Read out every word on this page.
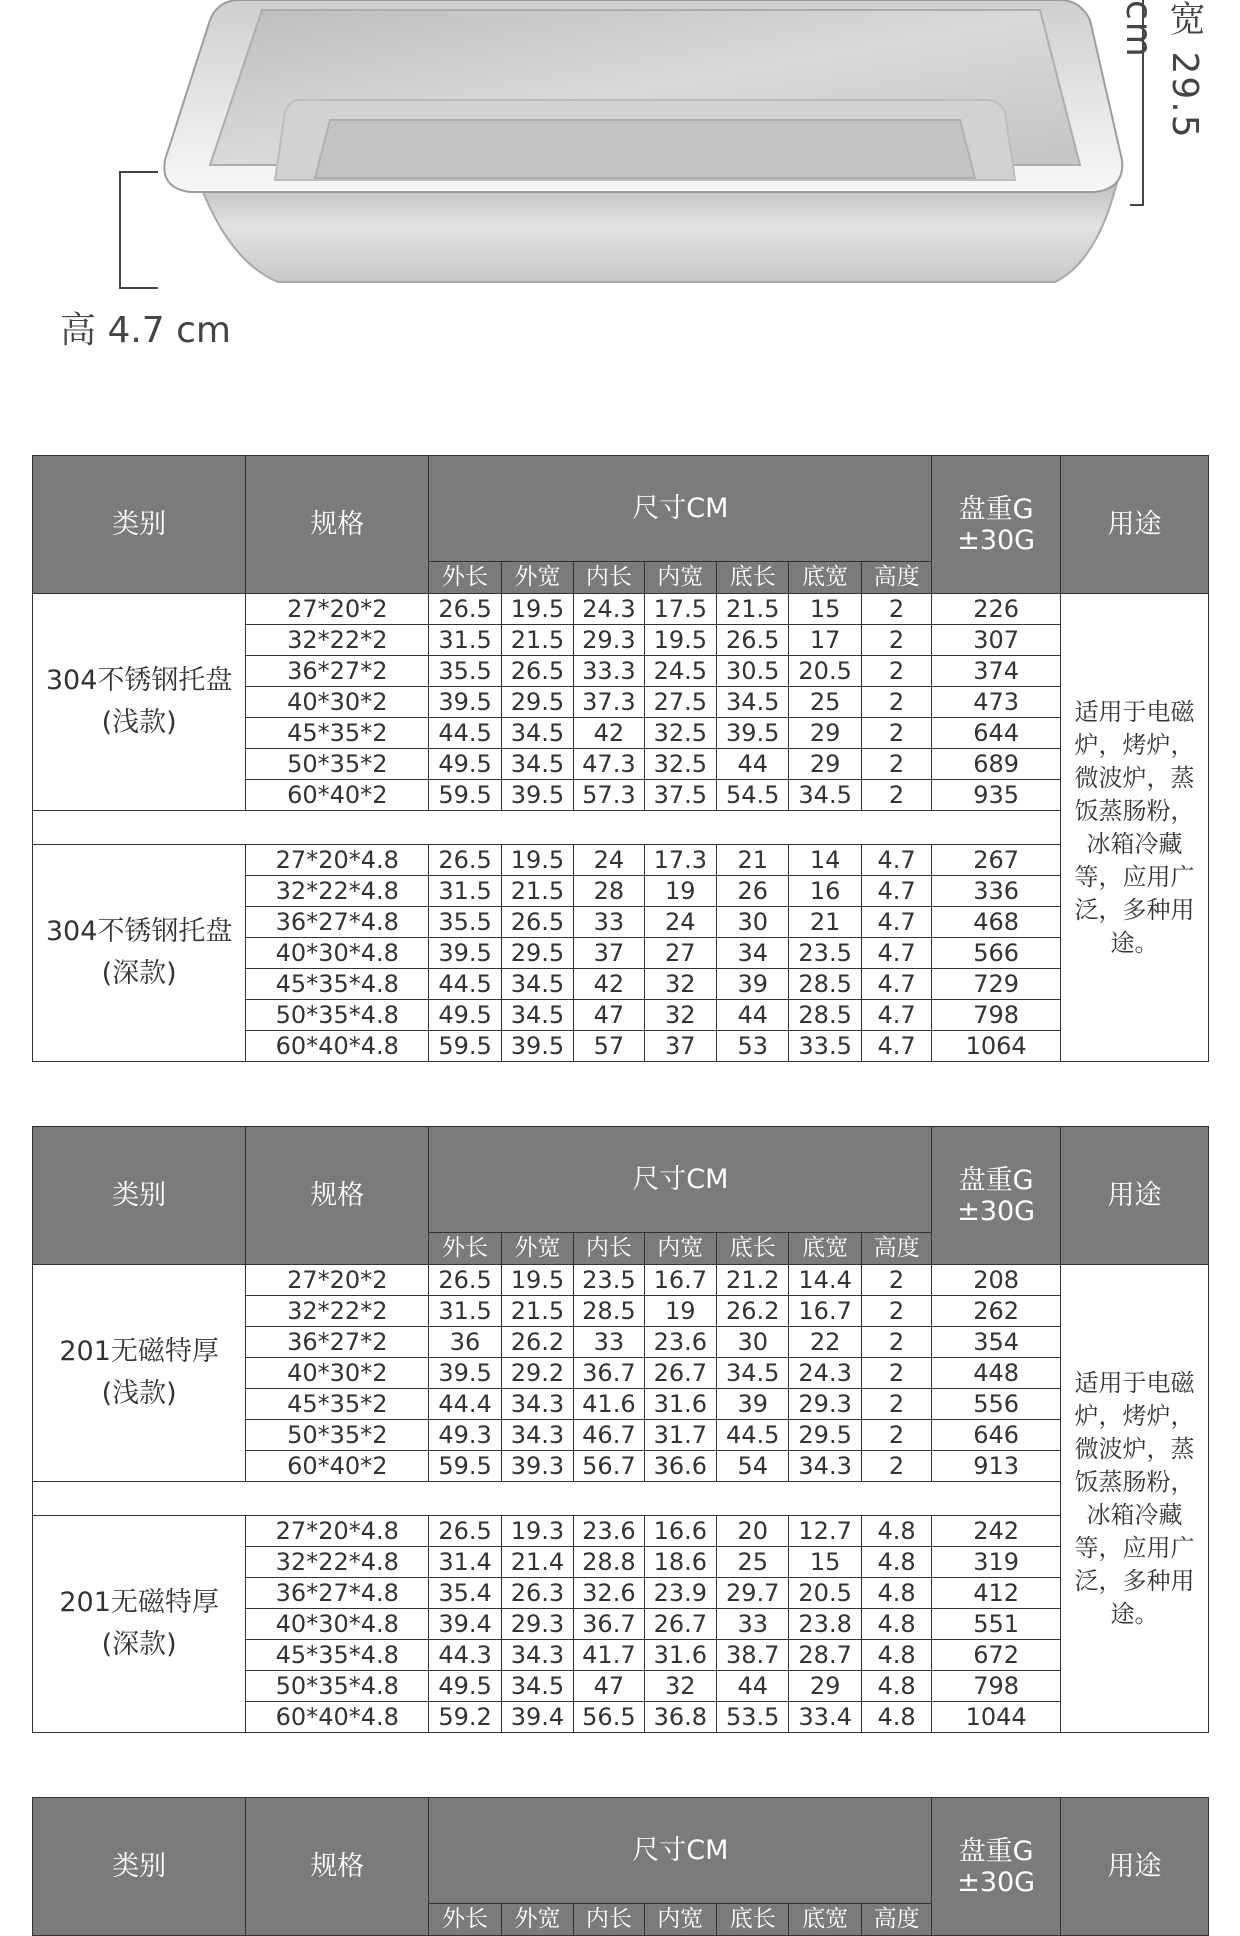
宽 29.5 cm
高 4.7 cm
类别	规格	尺寸CM							盘重G
±30G	用途
		外长	外宽	内长	内宽	底长	底宽	高度		

304不锈钢托盘
(浅款)	27*20*2	26.5	19.5	24.3	17.5	21.5	15	2	226	适用于电磁炉，烤炉，微波炉，蒸饭蒸肠粉，冰箱冷藏等，应用广泛，多种用途。
	32*22*2	31.5	21.5	29.3	19.5	26.5	17	2	307	
	36*27*2	35.5	26.5	33.3	24.5	30.5	20.5	2	374	
	40*30*2	39.5	29.5	37.3	27.5	34.5	25	2	473	
	45*35*2	44.5	34.5	42	32.5	39.5	29	2	644	
	50*35*2	49.5	34.5	47.3	32.5	44	29	2	689	
	60*40*2	59.5	39.5	57.3	37.5	54.5	34.5	2	935	

304不锈钢托盘
(深款)	27*20*4.8	26.5	19.5	24	17.3	21	14	4.7	267	
	32*22*4.8	31.5	21.5	28	19	26	16	4.7	336	
	36*27*4.8	35.5	26.5	33	24	30	21	4.7	468	
	40*30*4.8	39.5	29.5	37	27	34	23.5	4.7	566	
	45*35*4.8	44.5	34.5	42	32	39	28.5	4.7	729	
	50*35*4.8	49.5	34.5	47	32	44	28.5	4.7	798	
	60*40*4.8	59.5	39.5	57	37	53	33.5	4.7	1064	
类别	规格	尺寸CM							盘重G
±30G	用途
		外长	外宽	内长	内宽	底长	底宽	高度		

201无磁特厚
(浅款)	27*20*2	26.5	19.5	23.5	16.7	21.2	14.4	2	208	适用于电磁炉，烤炉，微波炉，蒸饭蒸肠粉，冰箱冷藏等，应用广泛，多种用途。
	32*22*2	31.5	21.5	28.5	19	26.2	16.7	2	262	
	36*27*2	36	26.2	33	23.6	30	22	2	354	
	40*30*2	39.5	29.2	36.7	26.7	34.5	24.3	2	448	
	45*35*2	44.4	34.3	41.6	31.6	39	29.3	2	556	
	50*35*2	49.3	34.3	46.7	31.7	44.5	29.5	2	646	
	60*40*2	59.5	39.3	56.7	36.6	54	34.3	2	913	

201无磁特厚
(深款)	27*20*4.8	26.5	19.3	23.6	16.6	20	12.7	4.8	242	
	32*22*4.8	31.4	21.4	28.8	18.6	25	15	4.8	319	
	36*27*4.8	35.4	26.3	32.6	23.9	29.7	20.5	4.8	412	
	40*30*4.8	39.4	29.3	36.7	26.7	33	23.8	4.8	551	
	45*35*4.8	44.3	34.3	41.7	31.6	38.7	28.7	4.8	672	
	50*35*4.8	49.5	34.5	47	32	44	29	4.8	798	
	60*40*4.8	59.2	39.4	56.5	36.8	53.5	33.4	4.8	1044	
类别	规格	尺寸CM							盘重G
±30G	用途
		外长	外宽	内长	内宽	底长	底宽	高度		
